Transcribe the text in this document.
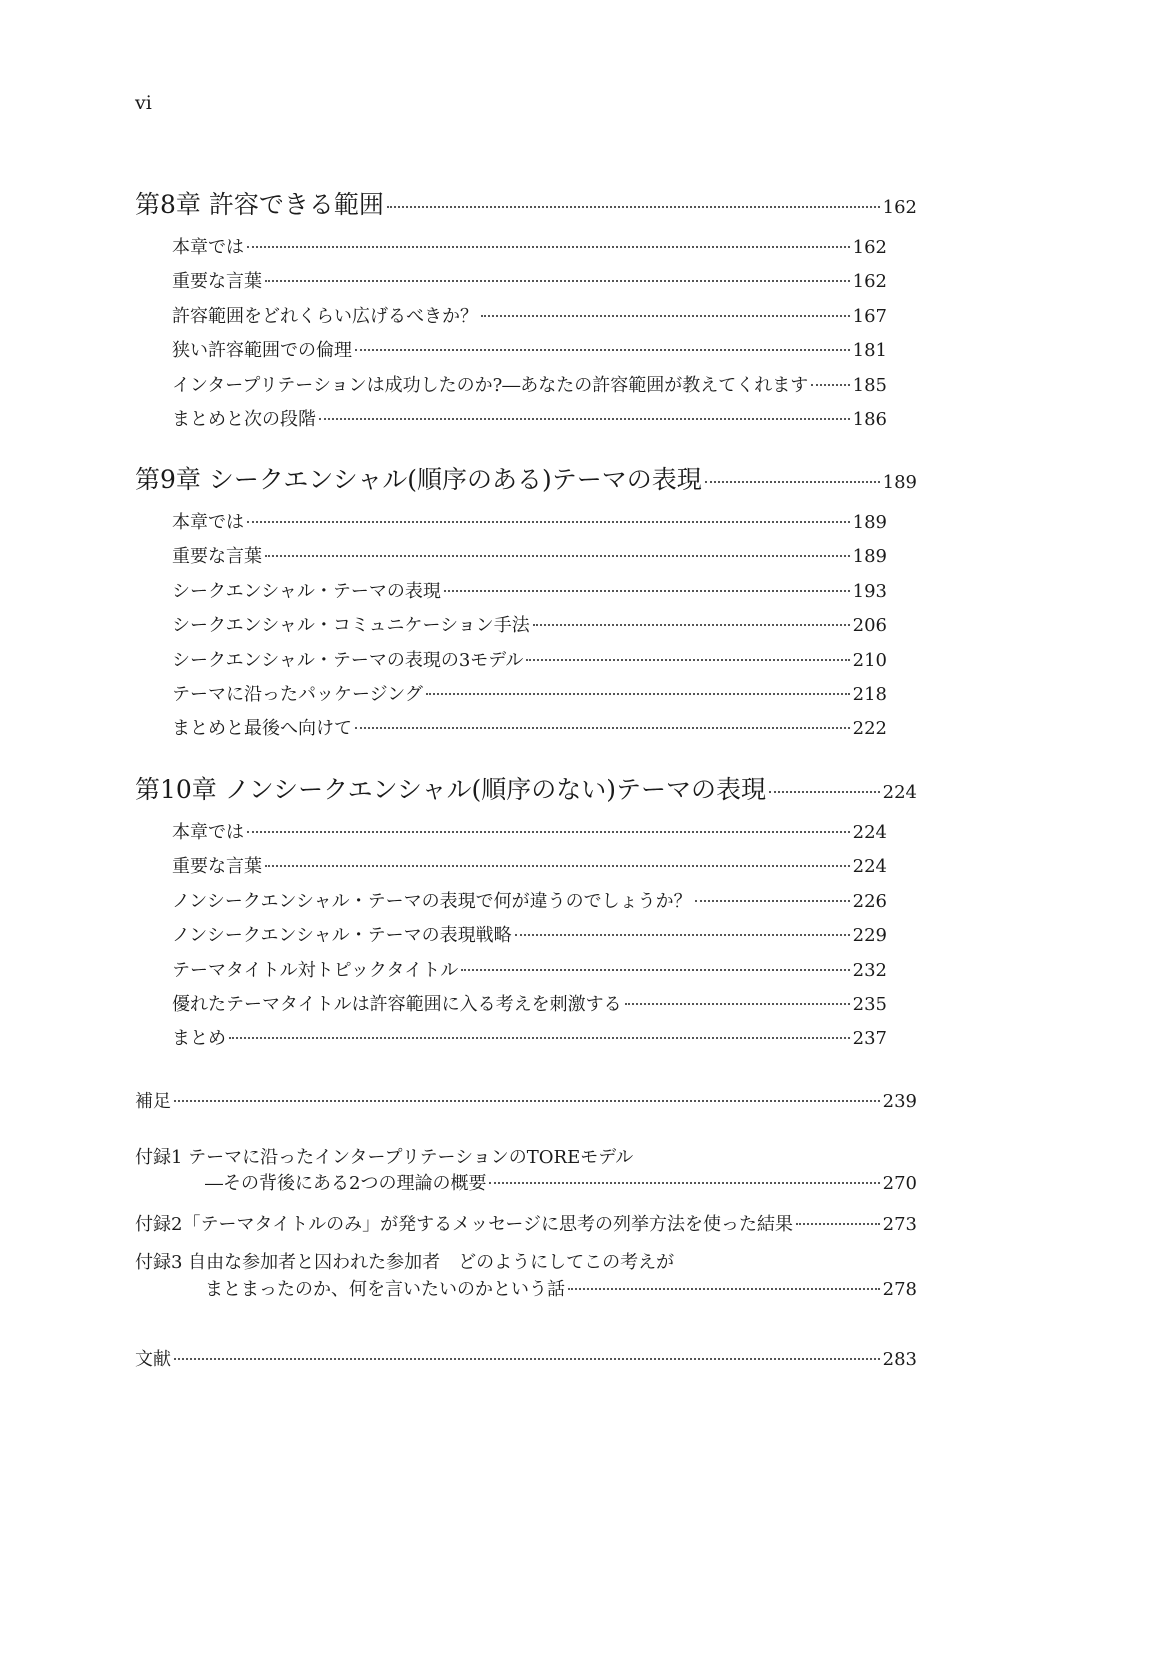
vi
第8章 許容できる範囲	162
本章では	162
重要な言葉	162
許容範囲をどれくらい広げるべきか？	167
狭い許容範囲での倫理	181
インタープリテーションは成功したのか?―あなたの許容範囲が教えてくれます 185
まとめと次の段階	186
第9章 シークエンシャル(順序のある)テーマの表現	189
本章では	189
重要な言葉	189
シークエンシャル・テーマの表現	193
シークエンシャル・コミュニケーション手法	206
シークエンシャル・テーマの表現の3モデル	210
テーマに沿ったパッケージング	218
まとめと最後へ向けて	222
第10章 ノンシークエンシャル(順序のない)テーマの表現	224
本章では	224
重要な言葉	224
ノンシークエンシャル・テーマの表現で何が違うのでしょうか？	226
ノンシークエンシャル・テーマの表現戦略	229
テーマタイトル対トピックタイトル	232
優れたテーマタイトルは許容範囲に入る考えを刺激する	235
まとめ	237
補足	239
付録1 テーマに沿ったインタープリテーションのTOREモデル
―その背後にある2つの理論の概要	270
付録2「テーマタイトルのみ」が発するメッセージに思考の列挙方法を使った結果	273
付録3 自由な参加者と囚われた参加者　どのようにしてこの考えが
まとまったのか、何を言いたいのかという話	278
文献	283
